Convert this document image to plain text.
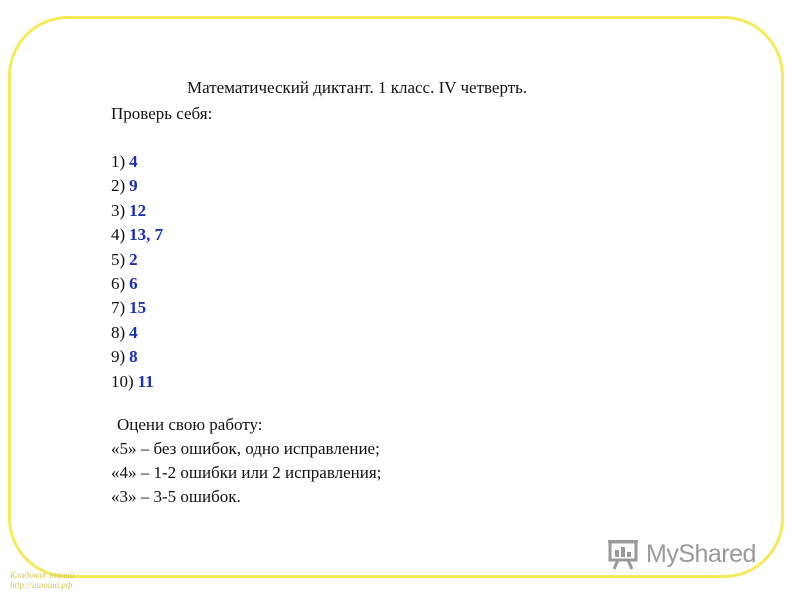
Математический диктант. 1 класс. IV четверть.
Проверь себя:
1) 4
2) 9
3) 12
4) 13, 7
5) 2
6) 6
7) 15
8) 4
9) 8
10) 11
Оцени свою работу:
«5» – без ошибок, одно исправление;
«4» – 1-2 ошибки или 2 исправления;
«3» – 3-5 ошибок.
Кладовая знаний
http://ишоша.рф
MyShared
